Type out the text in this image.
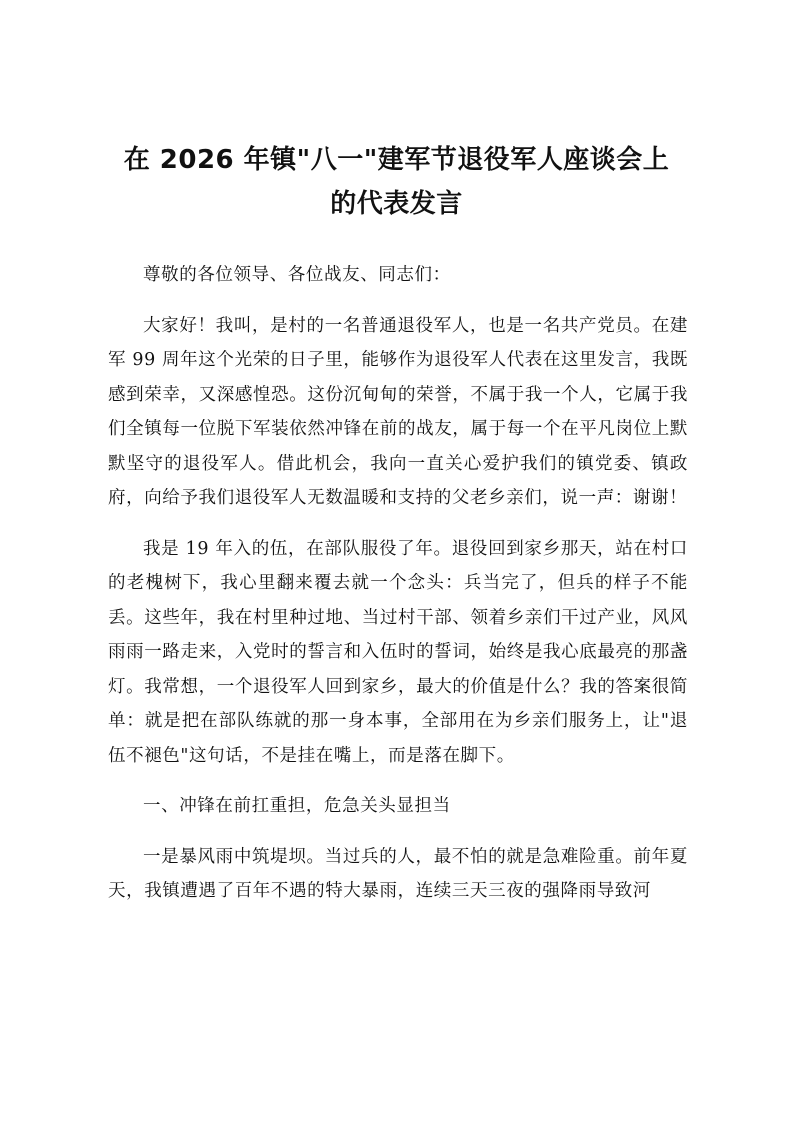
在 2026 年镇"八一"建军节退役军人座谈会上
的代表发言

尊敬的各位领导、各位战友、同志们：

大家好！我叫，是村的一名普通退役军人，也是一名共产党员。在建军 99 周年这个光荣的日子里，能够作为退役军人代表在这里发言，我既感到荣幸，又深感惶恐。这份沉甸甸的荣誉，不属于我一个人，它属于我们全镇每一位脱下军装依然冲锋在前的战友，属于每一个在平凡岗位上默默坚守的退役军人。借此机会，我向一直关心爱护我们的镇党委、镇政府，向给予我们退役军人无数温暖和支持的父老乡亲们，说一声：谢谢！

我是 19 年入的伍，在部队服役了年。退役回到家乡那天，站在村口的老槐树下，我心里翻来覆去就一个念头：兵当完了，但兵的样子不能丢。这些年，我在村里种过地、当过村干部、领着乡亲们干过产业，风风雨雨一路走来，入党时的誓言和入伍时的誓词，始终是我心底最亮的那盏灯。我常想，一个退役军人回到家乡，最大的价值是什么？我的答案很简单：就是把在部队练就的那一身本事，全部用在为乡亲们服务上，让"退伍不褪色"这句话，不是挂在嘴上，而是落在脚下。

一、冲锋在前扛重担，危急关头显担当

一是暴风雨中筑堤坝。当过兵的人，最不怕的就是急难险重。前年夏天，我镇遭遇了百年不遇的特大暴雨，连续三天三夜的强降雨导致河
